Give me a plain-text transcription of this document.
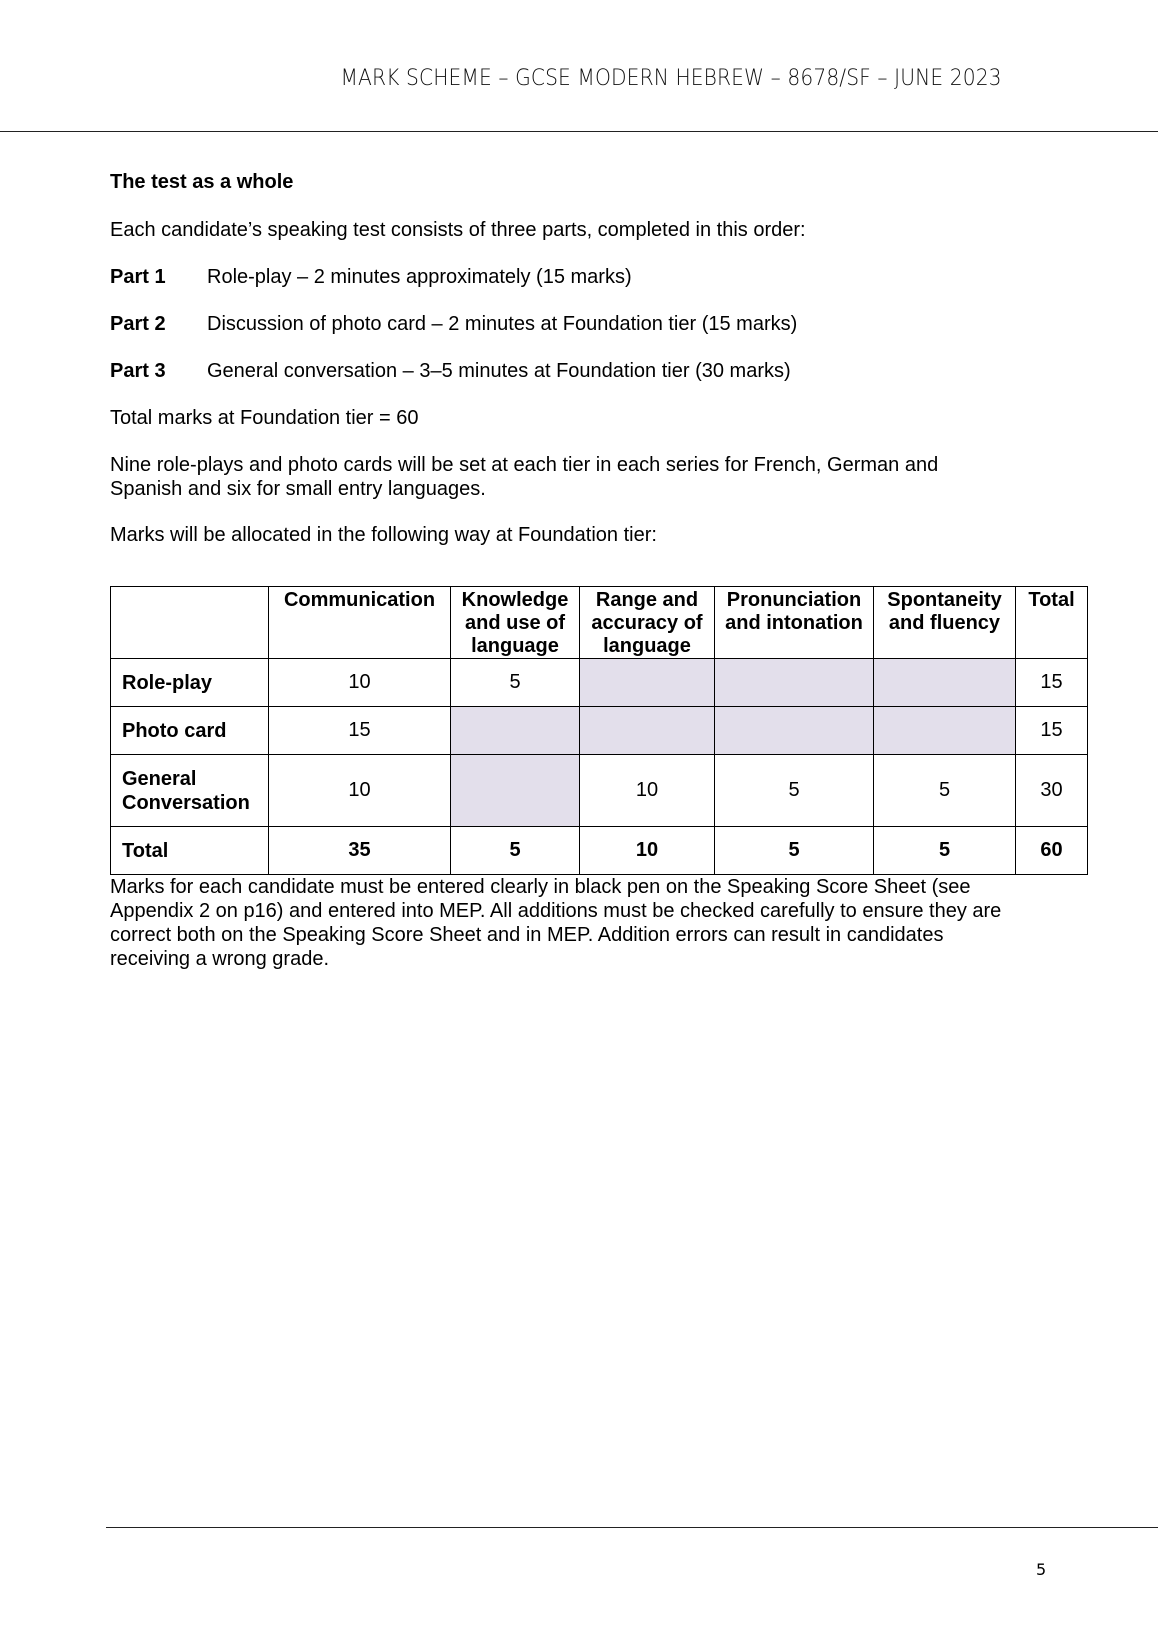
MARK SCHEME – GCSE MODERN HEBREW – 8678/SF – JUNE 2023
The test as a whole
Each candidate’s speaking test consists of three parts, completed in this order:
Part 1 Role-play – 2 minutes approximately (15 marks)
Part 2 Discussion of photo card – 2 minutes at Foundation tier (15 marks)
Part 3 General conversation – 3–5 minutes at Foundation tier (30 marks)
Total marks at Foundation tier = 60
Nine role-plays and photo cards will be set at each tier in each series for French, German and Spanish and six for small entry languages.
Marks will be allocated in the following way at Foundation tier:
Marks for each candidate must be entered clearly in black pen on the Speaking Score Sheet (see Appendix 2 on p16) and entered into MEP. All additions must be checked carefully to ensure they are correct both on the Speaking Score Sheet and in MEP. Addition errors can result in candidates receiving a wrong grade.
	Communication	Knowledge and use of language	Range and accuracy of language	Pronunciation and intonation	Spontaneity and fluency	Total
Role-play	10	5				15
Photo card	15					15
General Conversation	10		10	5	5	30
Total	35	5	10	5	5	60
5
